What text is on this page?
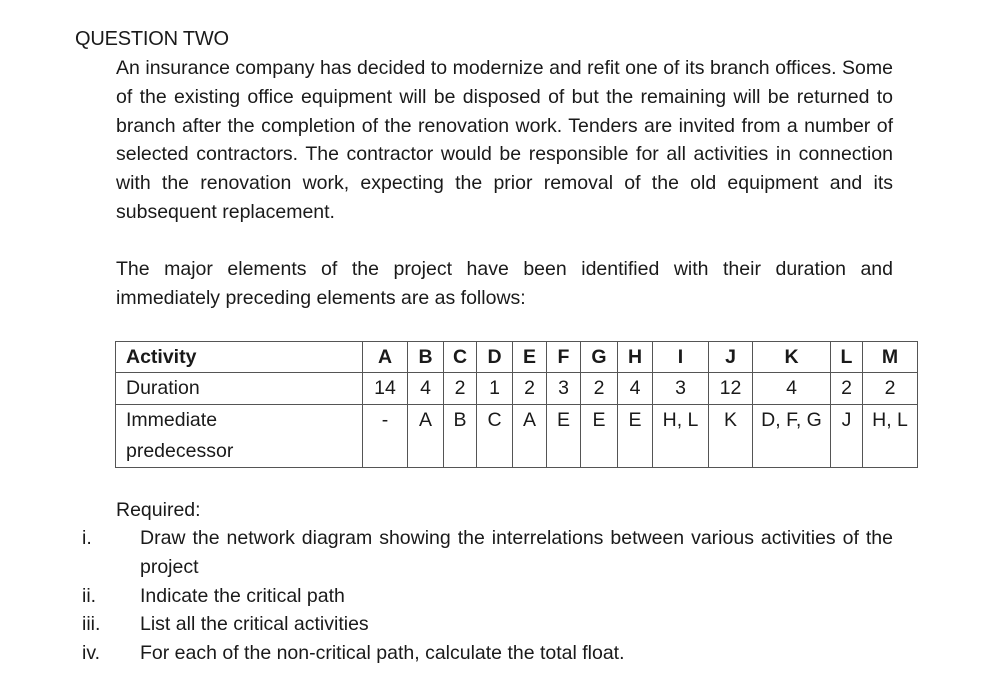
QUESTION TWO
An insurance company has decided to modernize and refit one of its branch offices. Some of the existing office equipment will be disposed of but the remaining will be returned to branch after the completion of the renovation work. Tenders are invited from a number of selected contractors. The contractor would be responsible for all activities in connection with the renovation work, expecting the prior removal of the old equipment and its subsequent replacement.
The major elements of the project have been identified with their duration and immediately preceding elements are as follows:
Activity	A	B	C	D	E	F	G	H	I	J	K	L	M
Duration	14	4	2	1	2	3	2	4	3	12	4	2	2
Immediate predecessor	-	A	B	C	A	E	E	E	H, L	K	D, F, G	J	H, L
Required:
i.	Draw the network diagram showing the interrelations between various activities of the project
ii.	Indicate the critical path
iii.	List all the critical activities
iv.	For each of the non-critical path, calculate the total float.
